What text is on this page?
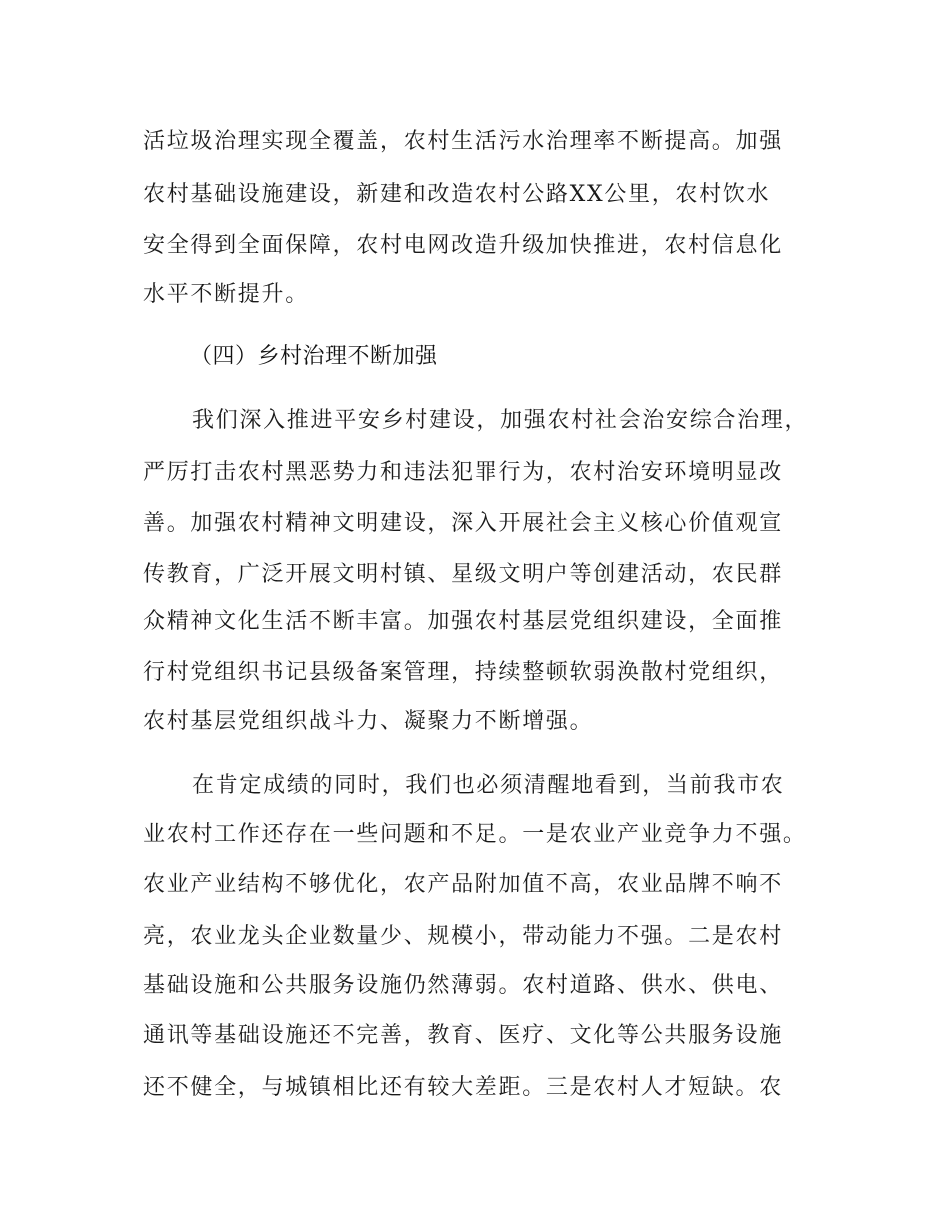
活垃圾治理实现全覆盖，农村生活污水治理率不断提高。加强
农村基础设施建设，新建和改造农村公路XX公里，农村饮水
安全得到全面保障，农村电网改造升级加快推进，农村信息化
水平不断提升。
（四）乡村治理不断加强
我们深入推进平安乡村建设，加强农村社会治安综合治理，
严厉打击农村黑恶势力和违法犯罪行为，农村治安环境明显改
善。加强农村精神文明建设，深入开展社会主义核心价值观宣
传教育，广泛开展文明村镇、星级文明户等创建活动，农民群
众精神文化生活不断丰富。加强农村基层党组织建设，全面推
行村党组织书记县级备案管理，持续整顿软弱涣散村党组织，
农村基层党组织战斗力、凝聚力不断增强。
在肯定成绩的同时，我们也必须清醒地看到，当前我市农
业农村工作还存在一些问题和不足。一是农业产业竞争力不强。
农业产业结构不够优化，农产品附加值不高，农业品牌不响不
亮，农业龙头企业数量少、规模小，带动能力不强。二是农村
基础设施和公共服务设施仍然薄弱。农村道路、供水、供电、
通讯等基础设施还不完善，教育、医疗、文化等公共服务设施
还不健全，与城镇相比还有较大差距。三是农村人才短缺。农
